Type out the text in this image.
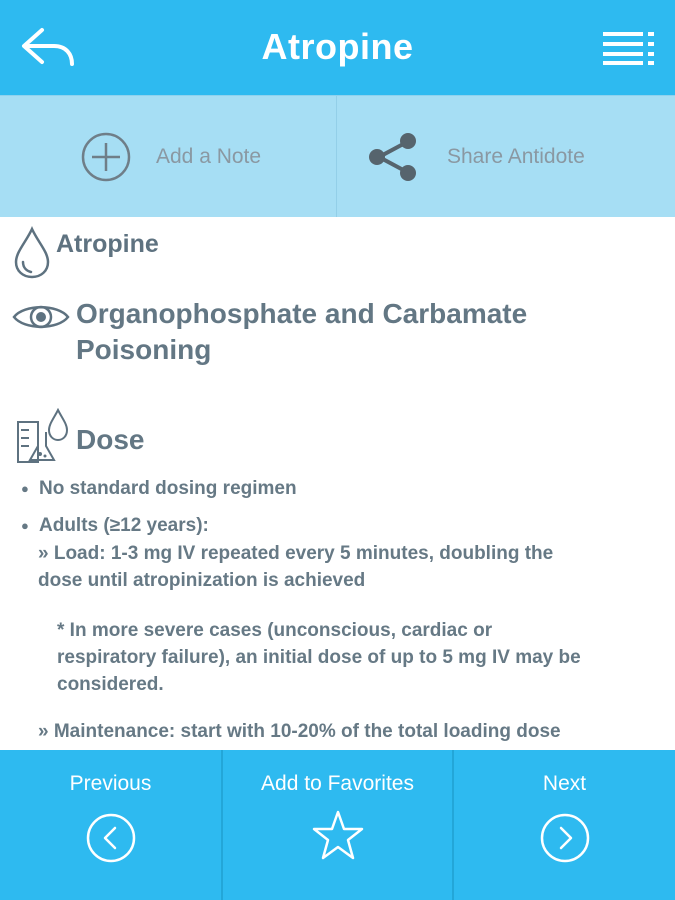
Atropine
Add a Note	Share Antidote
Atropine
Organophosphate and Carbamate
Poisoning
Dose
● No standard dosing regimen
● Adults (≥12 years):
» Load: 1-3 mg IV repeated every 5 minutes, doubling the
dose until atropinization is achieved
* In more severe cases (unconscious, cardiac or
respiratory failure), an initial dose of up to 5 mg IV may be
considered.
» Maintenance: start with 10-20% of the total loading dose
Previous	Add to Favorites	Next
